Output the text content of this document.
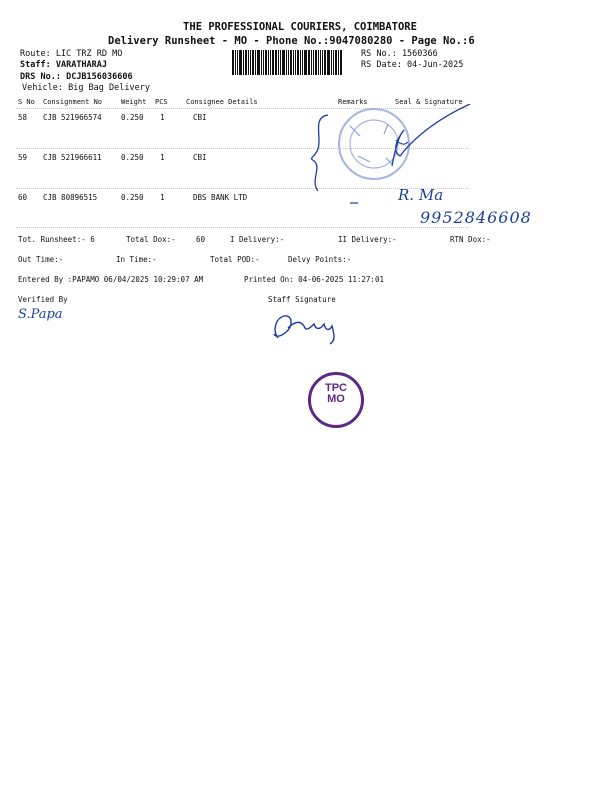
THE PROFESSIONAL COURIERS, COIMBATORE
Delivery Runsheet - MO - Phone No.:9047080280 - Page No.:6
Route: LIC TRZ RD MO
Staff: VARATHARAJ
DRS No.: DCJB156036606
Vehicle: Big Bag Delivery
RS No.: 1560366
RS Date: 04-Jun-2025
S No Consignment No	Weight PCS	Consignee Details	Remarks	Seal & Signature
58 CJB 521966574	0.250 1	CBI
59 CJB 521966611	0.250 1	CBI
60 CJB 80896515	0.250 1	DBS BANK LTD
Tot. Runsheet:- 6	Total Dox:-	60	I Delivery:-	II Delivery:-	RTN Dox:-
Out Time:-	In Time:-	Total POD:-	Delvy Points:-
Entered By :PAPAMO 06/04/2025 10:29:07 AM	Printed On: 04-06-2025 11:27:01
Verified By	Staff Signature
R. Ma
9952846608
S.Papa
TPC
MO
